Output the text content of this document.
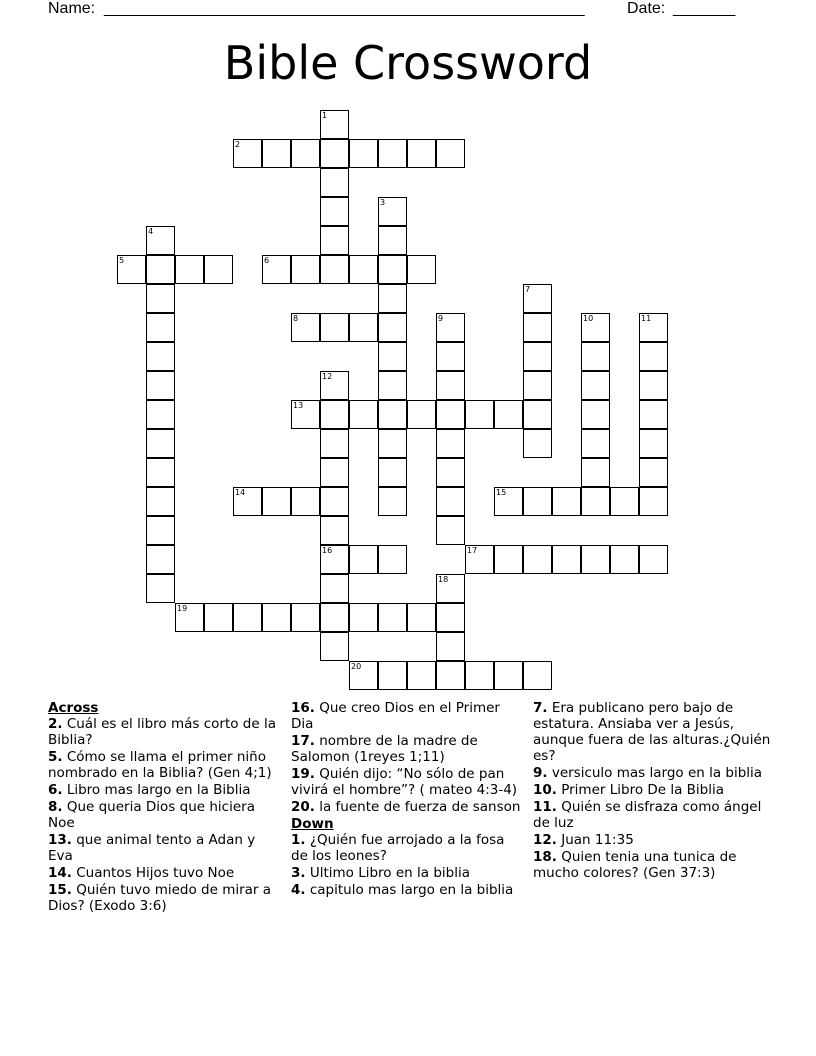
Name: ______________________________________________________	Date: _______
Bible Crossword
2
5	6
8
13
14	15
16	17
19
20
1
3
4
7
9	10	11
12
18
Across
2. Cuál es el libro más corto de la Biblia?
5. Cómo se llama el primer niño nombrado en la Biblia? (Gen 4;1)
6. Libro mas largo en la Biblia
8. Que queria Dios que hiciera Noe
13. que animal tento a Adan y Eva
14. Cuantos Hijos tuvo Noe
15. Quién tuvo miedo de mirar a Dios? (Exodo 3:6)
16. Que creo Dios en el Primer Dia
17. nombre de la madre de Salomon (1reyes 1;11)
19. Quién dijo: “No sólo de pan vivirá el hombre”? ( mateo 4:3-4)
20. la fuente de fuerza de sanson
Down
1. ¿Quién fue arrojado a la fosa de los leones?
3. Ultimo Libro en la biblia
4. capitulo mas largo en la biblia
7. Era publicano pero bajo de estatura. Ansiaba ver a Jesús, aunque fuera de las alturas.¿Quién es?
9. versiculo mas largo en la biblia
10. Primer Libro De la Biblia
11. Quién se disfraza como ángel de luz
12. Juan 11:35
18. Quien tenia una tunica de mucho colores? (Gen 37:3)
